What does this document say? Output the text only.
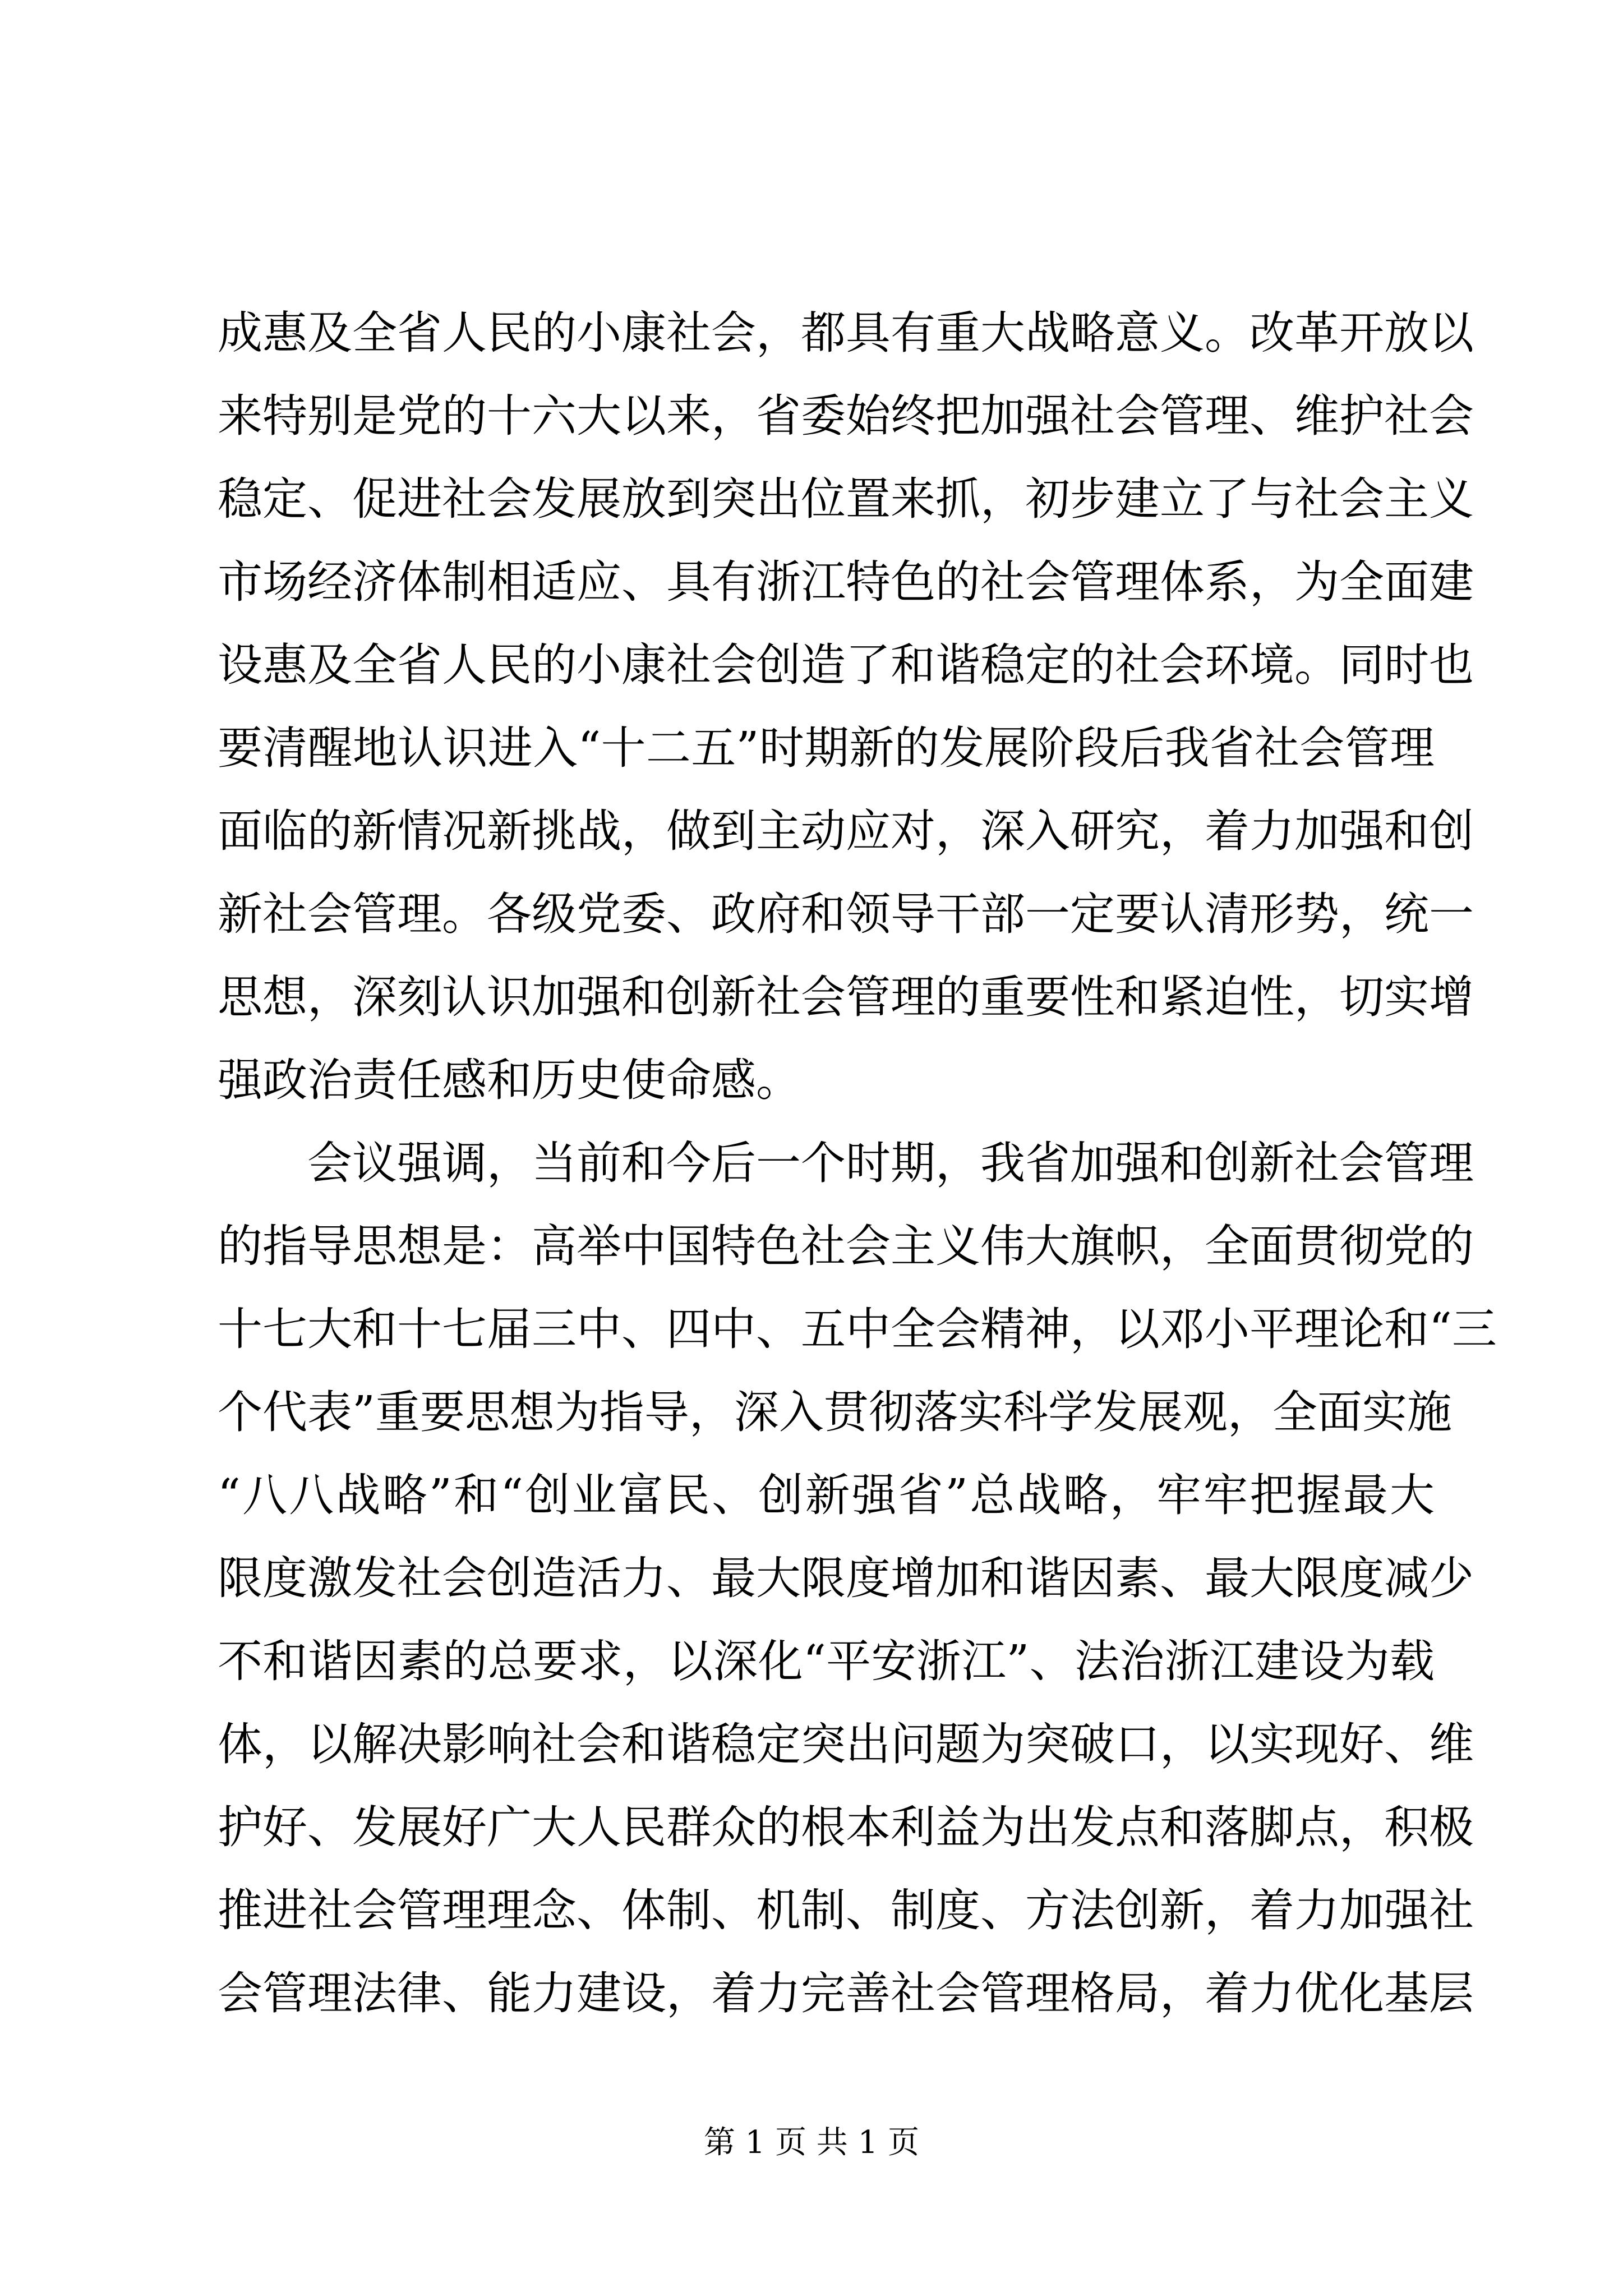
成惠及全省人民的小康社会，都具有重大战略意义。改革开放以
来特别是党的十六大以来，省委始终把加强社会管理、维护社会
稳定、促进社会发展放到突出位置来抓，初步建立了与社会主义
市场经济体制相适应、具有浙江特色的社会管理体系，为全面建
设惠及全省人民的小康社会创造了和谐稳定的社会环境。同时也
要清醒地认识进入“十二五”时期新的发展阶段后我省社会管理
面临的新情况新挑战，做到主动应对，深入研究，着力加强和创
新社会管理。各级党委、政府和领导干部一定要认清形势，统一
思想，深刻认识加强和创新社会管理的重要性和紧迫性，切实增
强政治责任感和历史使命感。
　　会议强调，当前和今后一个时期，我省加强和创新社会管理
的指导思想是：高举中国特色社会主义伟大旗帜，全面贯彻党的
十七大和十七届三中、四中、五中全会精神，以邓小平理论和“三
个代表”重要思想为指导，深入贯彻落实科学发展观，全面实施
“八八战略”和“创业富民、创新强省”总战略，牢牢把握最大
限度激发社会创造活力、最大限度增加和谐因素、最大限度减少
不和谐因素的总要求，以深化“平安浙江”、法治浙江建设为载
体，以解决影响社会和谐稳定突出问题为突破口，以实现好、维
护好、发展好广大人民群众的根本利益为出发点和落脚点，积极
推进社会管理理念、体制、机制、制度、方法创新，着力加强社
会管理法律、能力建设，着力完善社会管理格局，着力优化基层
第 1 页 共 1 页
